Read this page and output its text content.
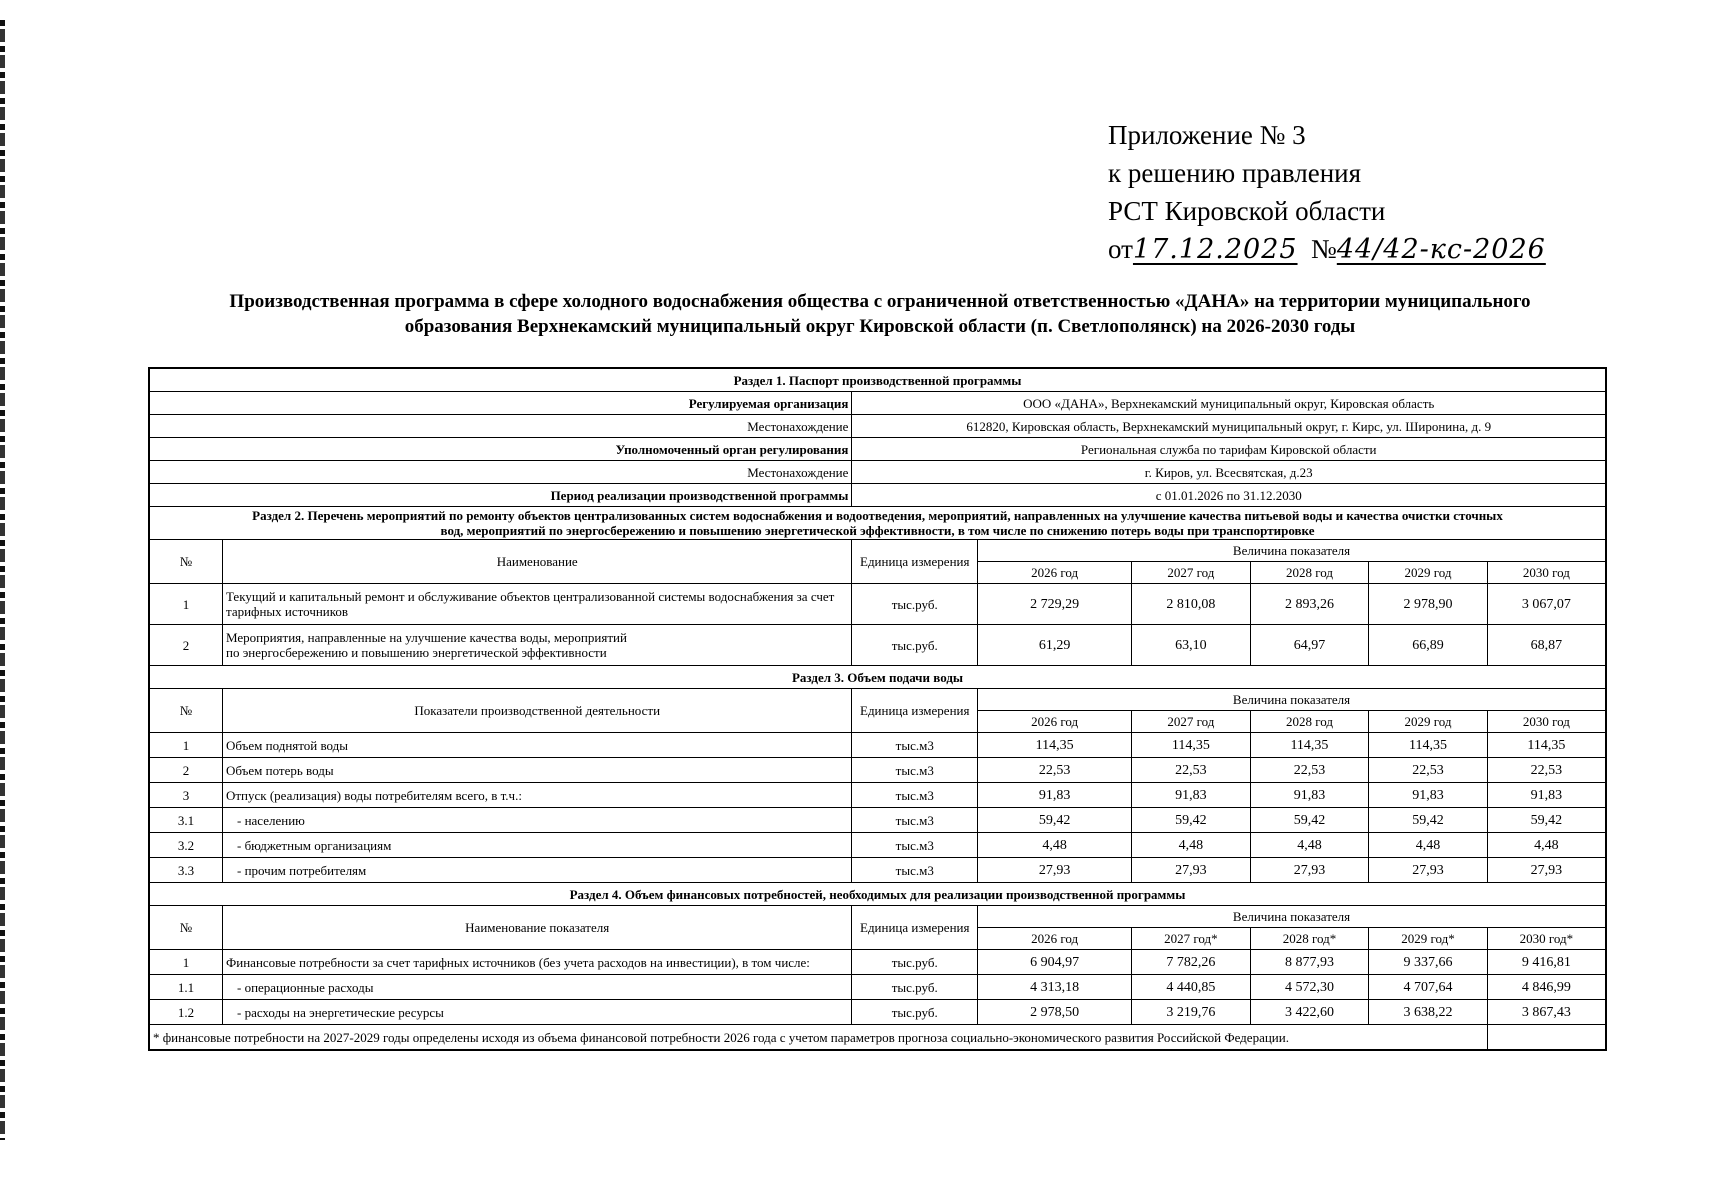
Приложение № 3
к решению правления
РСТ Кировской области
от17.12.2025 №44/42-кс-2026
Производственная программа в сфере холодного водоснабжения общества с ограниченной ответственностью «ДАНА» на территории муниципального
образования Верхнекамский муниципальный округ Кировской области (п. Светлополянск) на 2026-2030 годы
Раздел 1. Паспорт производственной программы							
Регулируемая организация		ООО «ДАНА», Верхнекамский муниципальный округ, Кировская область					
Местонахождение		612820, Кировская область, Верхнекамский муниципальный округ, г. Кирс, ул. Широнина, д. 9					
Уполномоченный орган регулирования		Региональная служба по тарифам Кировской области					
Местонахождение		г. Киров, ул. Всесвятская, д.23					
Период реализации производственной программы		с 01.01.2026 по 31.12.2030					

Раздел 2. Перечень мероприятий по ремонту объектов централизованных систем водоснабжения и водоотведения, мероприятий, направленных на улучшение качества питьевой воды и качества очистки сточных
вод, мероприятий по энергосбережению и повышению энергетической эффективности, в том числе по снижению потерь воды при транспортировке							

№	Наименование	Единица измерения	Величина показателя				
			2026 год	2027 год	2028 год	2029 год	2030 год
1	Текущий и капитальный ремонт и обслуживание объектов централизованной системы водоснабжения за счет
тарифных источников	тыс.руб.	2 729,29	2 810,08	2 893,26	2 978,90	3 067,07
2	Мероприятия, направленные на улучшение качества воды, мероприятий
по энергосбережению и повышению энергетической эффективности	тыс.руб.	61,29	63,10	64,97	66,89	68,87
Раздел 3. Объем подачи воды							
№	Показатели производственной деятельности	Единица измерения	Величина показателя				
			2026 год	2027 год	2028 год	2029 год	2030 год
1	Объем поднятой воды	тыс.м3	114,35	114,35	114,35	114,35	114,35
2	Объем потерь воды	тыс.м3	22,53	22,53	22,53	22,53	22,53
3	Отпуск (реализация) воды потребителям всего, в т.ч.:	тыс.м3	91,83	91,83	91,83	91,83	91,83
3.1	- населению	тыс.м3	59,42	59,42	59,42	59,42	59,42
3.2	- бюджетным организациям	тыс.м3	4,48	4,48	4,48	4,48	4,48
3.3	- прочим потребителям	тыс.м3	27,93	27,93	27,93	27,93	27,93
Раздел 4. Объем финансовых потребностей, необходимых для реализации производственной программы							
№	Наименование показателя	Единица измерения	Величина показателя				
			2026 год	2027 год*	2028 год*	2029 год*	2030 год*
1	Финансовые потребности за счет тарифных источников (без учета расходов на инвестиции), в том числе:	тыс.руб.	6 904,97	7 782,26	8 877,93	9 337,66	9 416,81
1.1	- операционные расходы	тыс.руб.	4 313,18	4 440,85	4 572,30	4 707,64	4 846,99
1.2	- расходы на энергетические ресурсы	тыс.руб.	2 978,50	3 219,76	3 422,60	3 638,22	3 867,43
* финансовые потребности на 2027-2029 годы определены исходя из объема финансовой потребности 2026 года с учетом параметров прогноза социально-экономического развития Российской Федерации.							
